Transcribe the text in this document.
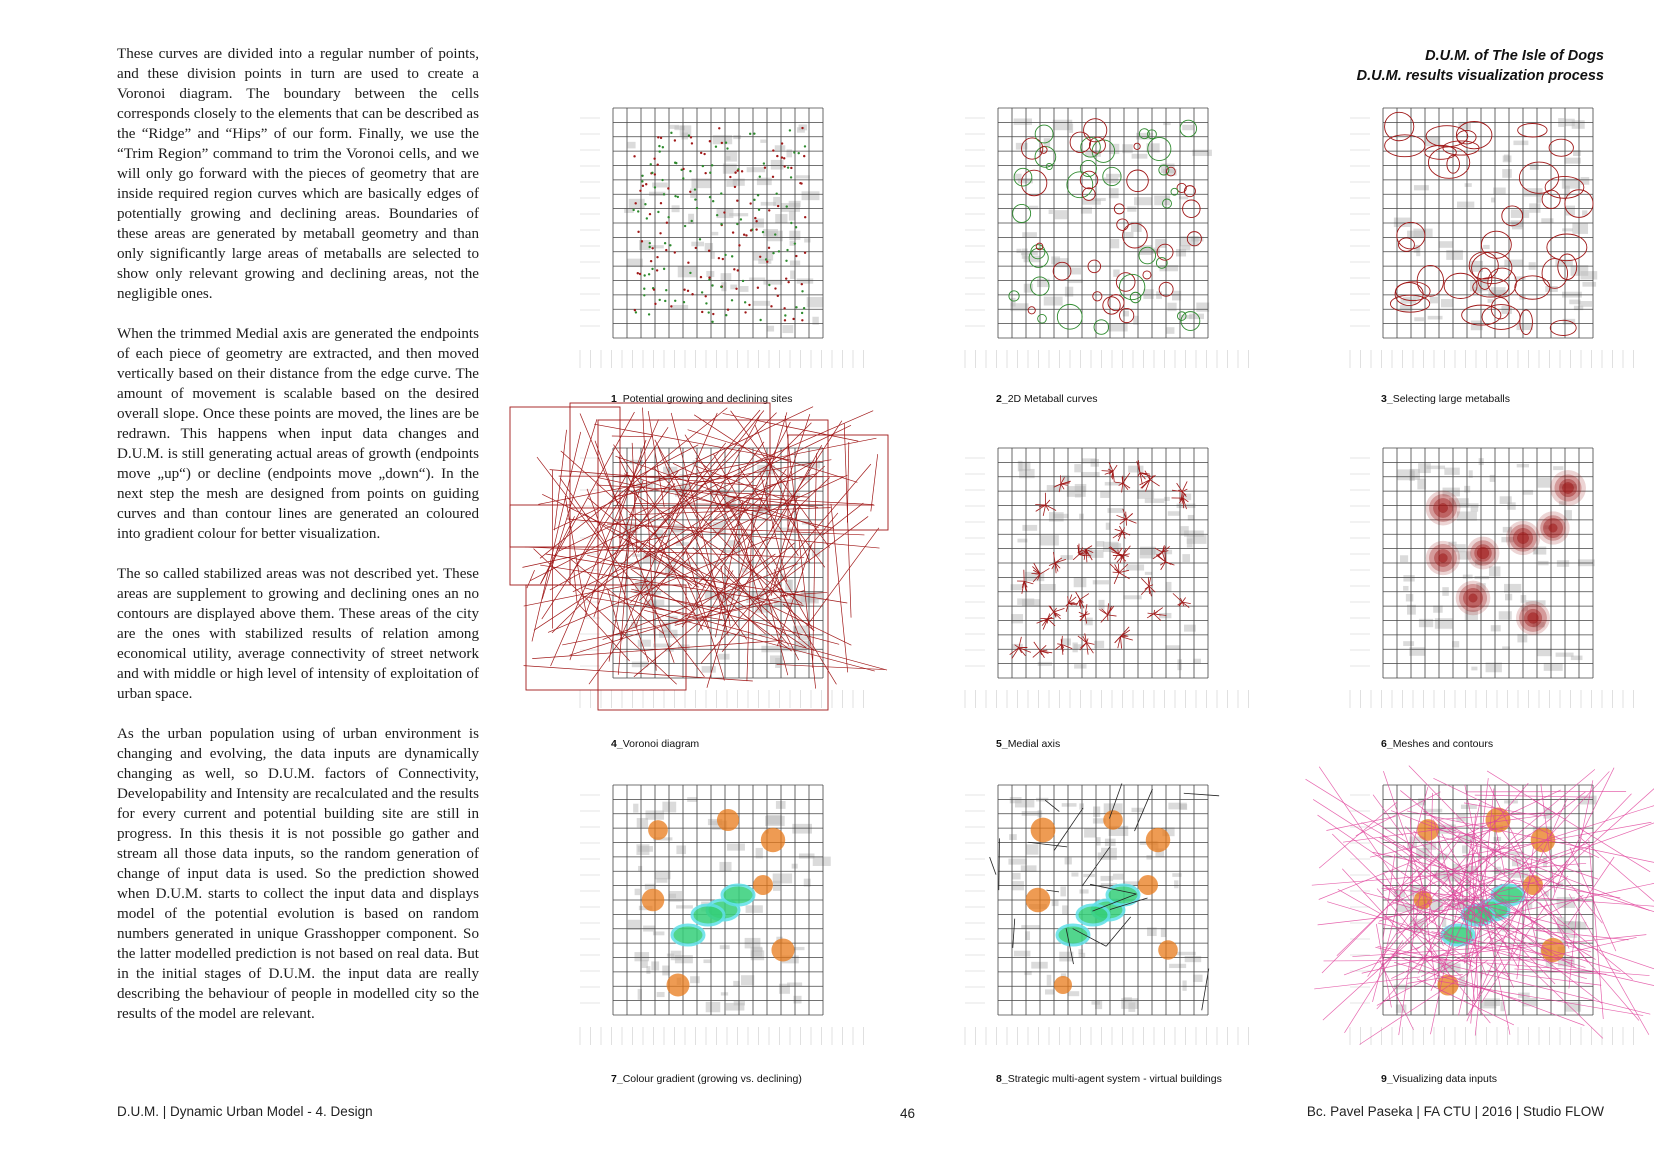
These curves are divided into a regular number of points, and these division points in turn are used to create a Voronoi diagram. The boundary between the cells corresponds closely to the elements that can be described as the “Ridge” and “Hips” of our form. Finally, we use the “Trim Region” command to trim the Voronoi cells, and we will only go forward with the pieces of geometry that are inside required region curves which are basically edges of potentially growing and declining areas. Boundaries of these areas are generated by metaball geometry and than only significantly large areas of metaballs are selected to show only relevant growing and declining areas, not the negligible ones.

When the trimmed Medial axis are generated the endpoints of each piece of geometry are extracted, and then moved vertically based on their distance from the edge curve. The amount of movement is scalable based on the desired overall slope. Once these points are moved, the lines are be redrawn. This happens when input data changes and D.U.M. is still generating actual areas of growth (endpoints move „up“) or decline (endpoints move „down“). In the next step the mesh are designed from points on guiding curves and than contour lines are generated an coloured into gradient colour for better visualization.

The so called stabilized areas was not described yet. These areas are supplement to growing and declining ones an no contours are displayed above them. These areas of the city are the ones with stabilized results of relation among economical utility, average connectivity of street network and with middle or high level of intensity of exploitation of urban space.

As the urban population using of urban environment is changing and evolving, the data inputs are dynamically changing as well, so D.U.M. factors of Connectivity, Developability and Intensity are recalculated and the results for every current and potential building site are still in progress. In this thesis it is not possible go gather and stream all those data inputs, so the random generation of change of input data is used. So the prediction showed when D.U.M. starts to collect the input data and displays model of the potential evolution is based on random numbers generated in unique Grasshopper component. So the latter modelled prediction is not based on real data. But in the initial stages of D.U.M. the input data are really describing the behaviour of people in modelled city so the results of the model are relevant.

D.U.M. of The Isle of Dogs
D.U.M. results visualization process
1_Potential growing and declining sites	2_2D Metaball curves	3_Selecting large metaballs
4_Voronoi diagram	5_Medial axis	6_Meshes and contours
7_Colour gradient (growing vs. declining)	8_Strategic multi-agent system - virtual buildings	9_Visualizing data inputs
D.U.M. | Dynamic Urban Model - 4. Design	46	Bc. Pavel Paseka | FA CTU | 2016 | Studio FLOW
